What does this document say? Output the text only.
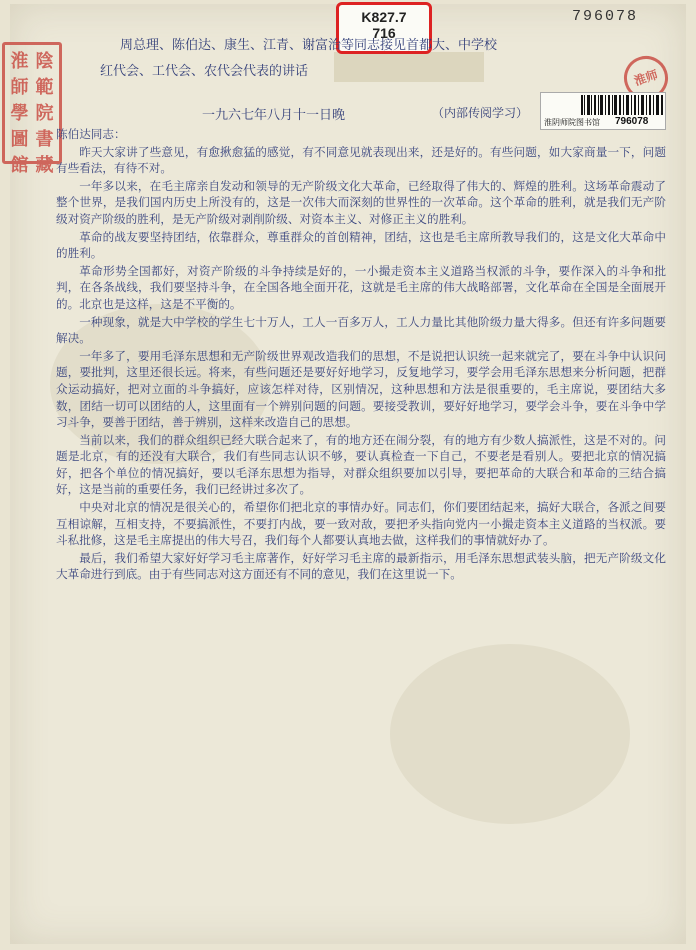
K827.7
716
796078
淮 陰
師 範
學 院
圖 書
館 藏
淮师
淮阴师院图书馆 796078
周总理、陈伯达、康生、江青、谢富治等同志接见首都大、中学校
红代会、工代会、农代会代表的讲话
一九六七年八月十一日晚	（内部传阅学习）

陈伯达同志：

昨天大家讲了些意见，有愈揪愈猛的感觉，有不同意见就表现出来，还是好的。有些问题，如大家商量一下，问题有些看法，有待不对。

一年多以来，在毛主席亲自发动和领导的无产阶级文化大革命，已经取得了伟大的、辉煌的胜利。这场革命震动了整个世界，是我们国内历史上所没有的，这是一次伟大而深刻的世界性的一次革命。这个革命的胜利，就是我们无产阶级对资产阶级的胜利，是无产阶级对剥削阶级、对资本主义、对修正主义的胜利。

革命的战友要坚持团结，依靠群众，尊重群众的首创精神，团结，这也是毛主席所教导我们的，这是文化大革命中的胜利。

革命形势全国都好，对资产阶级的斗争持续是好的，一小撮走资本主义道路当权派的斗争，要作深入的斗争和批判，在各条战线，我们要坚持斗争，在全国各地全面开花，这就是毛主席的伟大战略部署，文化革命在全国是全面展开的。北京也是这样，这是不平衡的。

一种现象，就是大中学校的学生七十万人，工人一百多万人，工人力量比其他阶级力量大得多。但还有许多问题要解决。

一年多了，要用毛泽东思想和无产阶级世界观改造我们的思想，不是说把认识统一起来就完了，要在斗争中认识问题，要批判，这里还很长远。将来，有些问题还是要好好地学习，反复地学习，要学会用毛泽东思想来分析问题，把群众运动搞好，把对立面的斗争搞好，应该怎样对待，区别情况，这种思想和方法是很重要的，毛主席说，要团结大多数，团结一切可以团结的人，这里面有一个辨别问题的问题。要接受教训，要好好地学习，要学会斗争，要在斗争中学习斗争，要善于团结，善于辨别，这样来改造自己的思想。

当前以来，我们的群众组织已经大联合起来了，有的地方还在闹分裂，有的地方有少数人搞派性，这是不对的。问题是北京，有的还没有大联合，我们有些同志认识不够，要认真检查一下自己，不要老是看别人。要把北京的情况搞好，把各个单位的情况搞好，要以毛泽东思想为指导，对群众组织要加以引导，要把革命的大联合和革命的三结合搞好，这是当前的重要任务，我们已经讲过多次了。

中央对北京的情况是很关心的，希望你们把北京的事情办好。同志们，你们要团结起来，搞好大联合，各派之间要互相谅解，互相支持，不要搞派性，不要打内战，要一致对敌，要把矛头指向党内一小撮走资本主义道路的当权派。要斗私批修，这是毛主席提出的伟大号召，我们每个人都要认真地去做，这样我们的事情就好办了。

最后，我们希望大家好好学习毛主席著作，好好学习毛主席的最新指示，用毛泽东思想武装头脑，把无产阶级文化大革命进行到底。由于有些同志对这方面还有不同的意见，我们在这里说一下。
